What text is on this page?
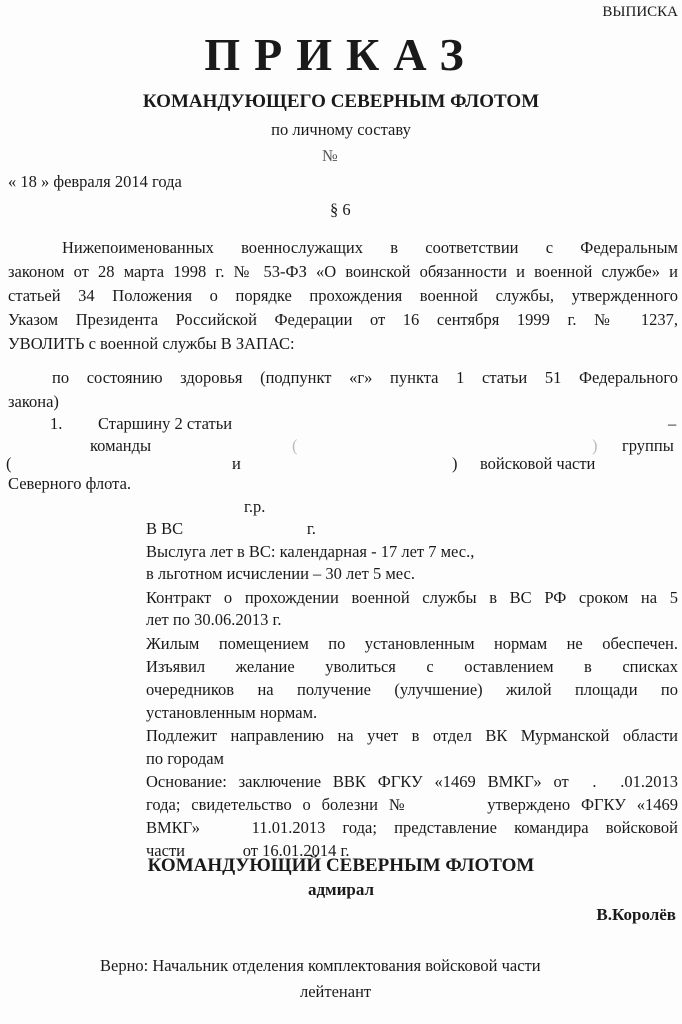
ВЫПИСКА
ПРИКАЗ
КОМАНДУЮЩЕГО СЕВЕРНЫМ ФЛОТОМ
по личному составу
№
« 18 » февраля 2014 года
§ 6
Нижепоименованных военнослужащих в соответствии с Федеральным
законом от 28 марта 1998 г. № 53-ФЗ «О воинской обязанности и военной службе» и
статьей 34 Положения о порядке прохождения военной службы, утвержденного
Указом Президента Российской Федерации от 16 сентября 1999 г. № 1237,
УВОЛИТЬ с военной службы В ЗАПАС:
по состоянию здоровья (подпункт «г» пункта 1 статьи 51 Федерального
закона)
1. Старшину 2 статьи	–
команды	(	) группы
(	и	) войсковой части
Северного флота.
г.р.
В ВС                              г.
Выслуга лет в ВС: календарная - 17 лет 7 мес.,
в льготном исчислении – 30 лет 5 мес.
Контракт о прохождении военной службы в ВС РФ сроком на 5
лет по 30.06.2013 г.
Жилым помещением по установленным нормам не обеспечен.
Изъявил желание уволиться с оставлением в списках
очередников на получение (улучшение) жилой площади по
установленным нормам.
Подлежит направлению на учет в отдел ВК Мурманской области
по городам
Основание: заключение ВВК ФГКУ «1469 ВМКГ» от  .  .01.2013
года; свидетельство о болезни №       утверждено ФГКУ «1469
ВМКГ»   11.01.2013 года; представление командира войсковой
части              от 16.01.2014 г.
КОМАНДУЮЩИЙ СЕВЕРНЫМ ФЛОТОМ
адмирал
В.Королёв
Верно: Начальник отделения комплектования войсковой части
лейтенант
